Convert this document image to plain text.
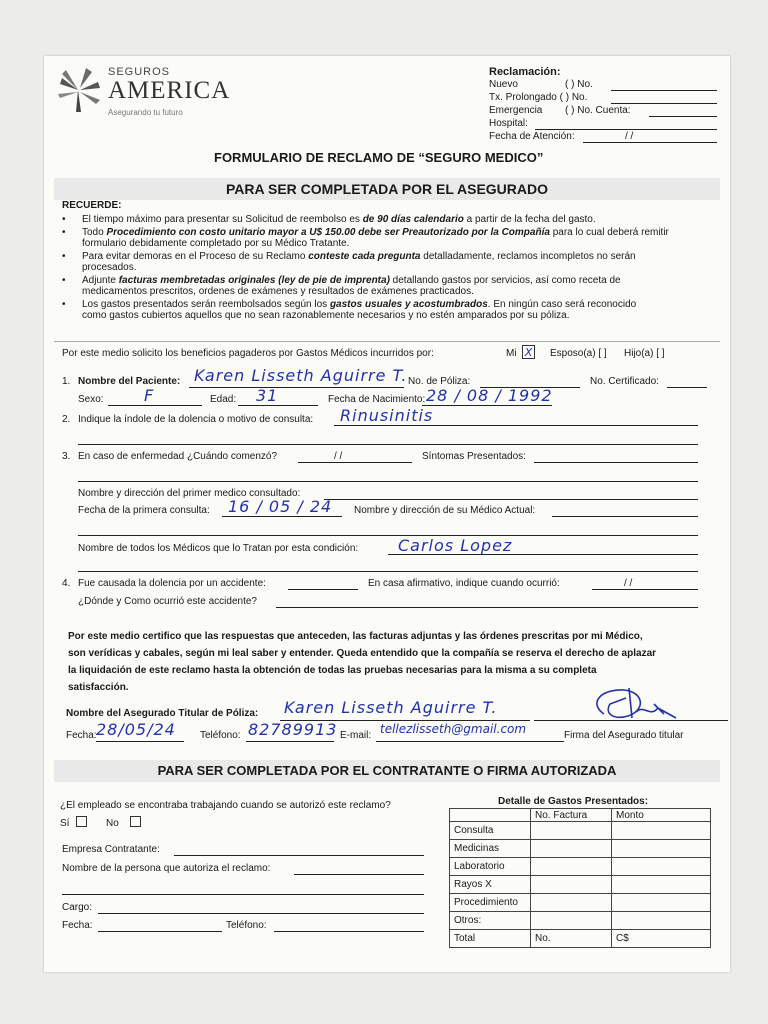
SEGUROS
AMERICA
Asegurando tu futuro
Reclamación:
Nuevo	( ) No.
Tx. Prolongado ( ) No.
Emergencia ( ) No. Cuenta:
Hospital:
Fecha de Atención:	/ /
FORMULARIO DE RECLAMO DE “SEGURO MEDICO”
PARA SER COMPLETADA POR EL ASEGURADO
RECUERDE:
• El tiempo máximo para presentar su Solicitud de reembolso es de 90 días calendario a partir de la fecha del gasto.
• Todo Procedimiento con costo unitario mayor a U$ 150.00 debe ser Preautorizado por la Compañía para lo cual deberá remitir
formulario debidamente completado por su Médico Tratante.
• Para evitar demoras en el Proceso de su Reclamo conteste cada pregunta detalladamente, reclamos incompletos no serán
procesados.
• Adjunte facturas membretadas originales (ley de pie de imprenta) detallando gastos por servicios, así como receta de
medicamentos prescritos, ordenes de exámenes y resultados de exámenes practicados.
• Los gastos presentados serán reembolsados según los gastos usuales y acostumbrados. En ningún caso será reconocido
como gastos cubiertos aquellos que no sean razonablemente necesarios y no estén amparados por su póliza.
Por este medio solicito los beneficios pagaderos por Gastos Médicos incurridos por:	Mi X Esposo(a) [ ] Hijo(a) [ ]
1. Nombre del Paciente: Karen Lisseth Aguirre T. No. de Póliza:	No. Certificado:
Sexo:	F	Edad: 31	Fecha de Nacimiento: 28 / 08 / 1992
2. Indique la índole de la dolencia o motivo de consulta: Rinusinitis
3. En caso de enfermedad ¿Cuándo comenzó?	/ /	Síntomas Presentados:
Nombre y dirección del primer medico consultado:
Fecha de la primera consulta: 16 / 05 / 24 Nombre y dirección de su Médico Actual:
Nombre de todos los Médicos que lo Tratan por esta condición: Carlos Lopez
4. Fue causada la dolencia por un accidente:	En casa afirmativo, indique cuando ocurrió:	/ /
¿Dónde y Como ocurrió este accidente?
Por este medio certifico que las respuestas que anteceden, las facturas adjuntas y las órdenes prescritas por mi Médico,
son verídicas y cabales, según mi leal saber y entender. Queda entendido que la compañía se reserva el derecho de aplazar
la liquidación de este reclamo hasta la obtención de todas las pruebas necesarias para la misma a su completa
satisfacción.
Nombre del Asegurado Titular de Póliza: Karen Lisseth Aguirre T.
Fecha: 28/05/24 Teléfono: 82789913 E-mail: tellezlisseth@gmail.com	Firma del Asegurado titular
PARA SER COMPLETADA POR EL CONTRATANTE O FIRMA AUTORIZADA
¿El empleado se encontraba trabajando cuando se autorizó este reclamo?
Sí	No
Empresa Contratante:
Nombre de la persona que autoriza el reclamo:
Cargo:
Fecha:	Teléfono:
Detalle de Gastos Presentados:
	No. Factura	Monto
Consulta		
Medicinas		
Laboratorio		
Rayos X		
Procedimiento		
Otros:		
Total	No.	C$
